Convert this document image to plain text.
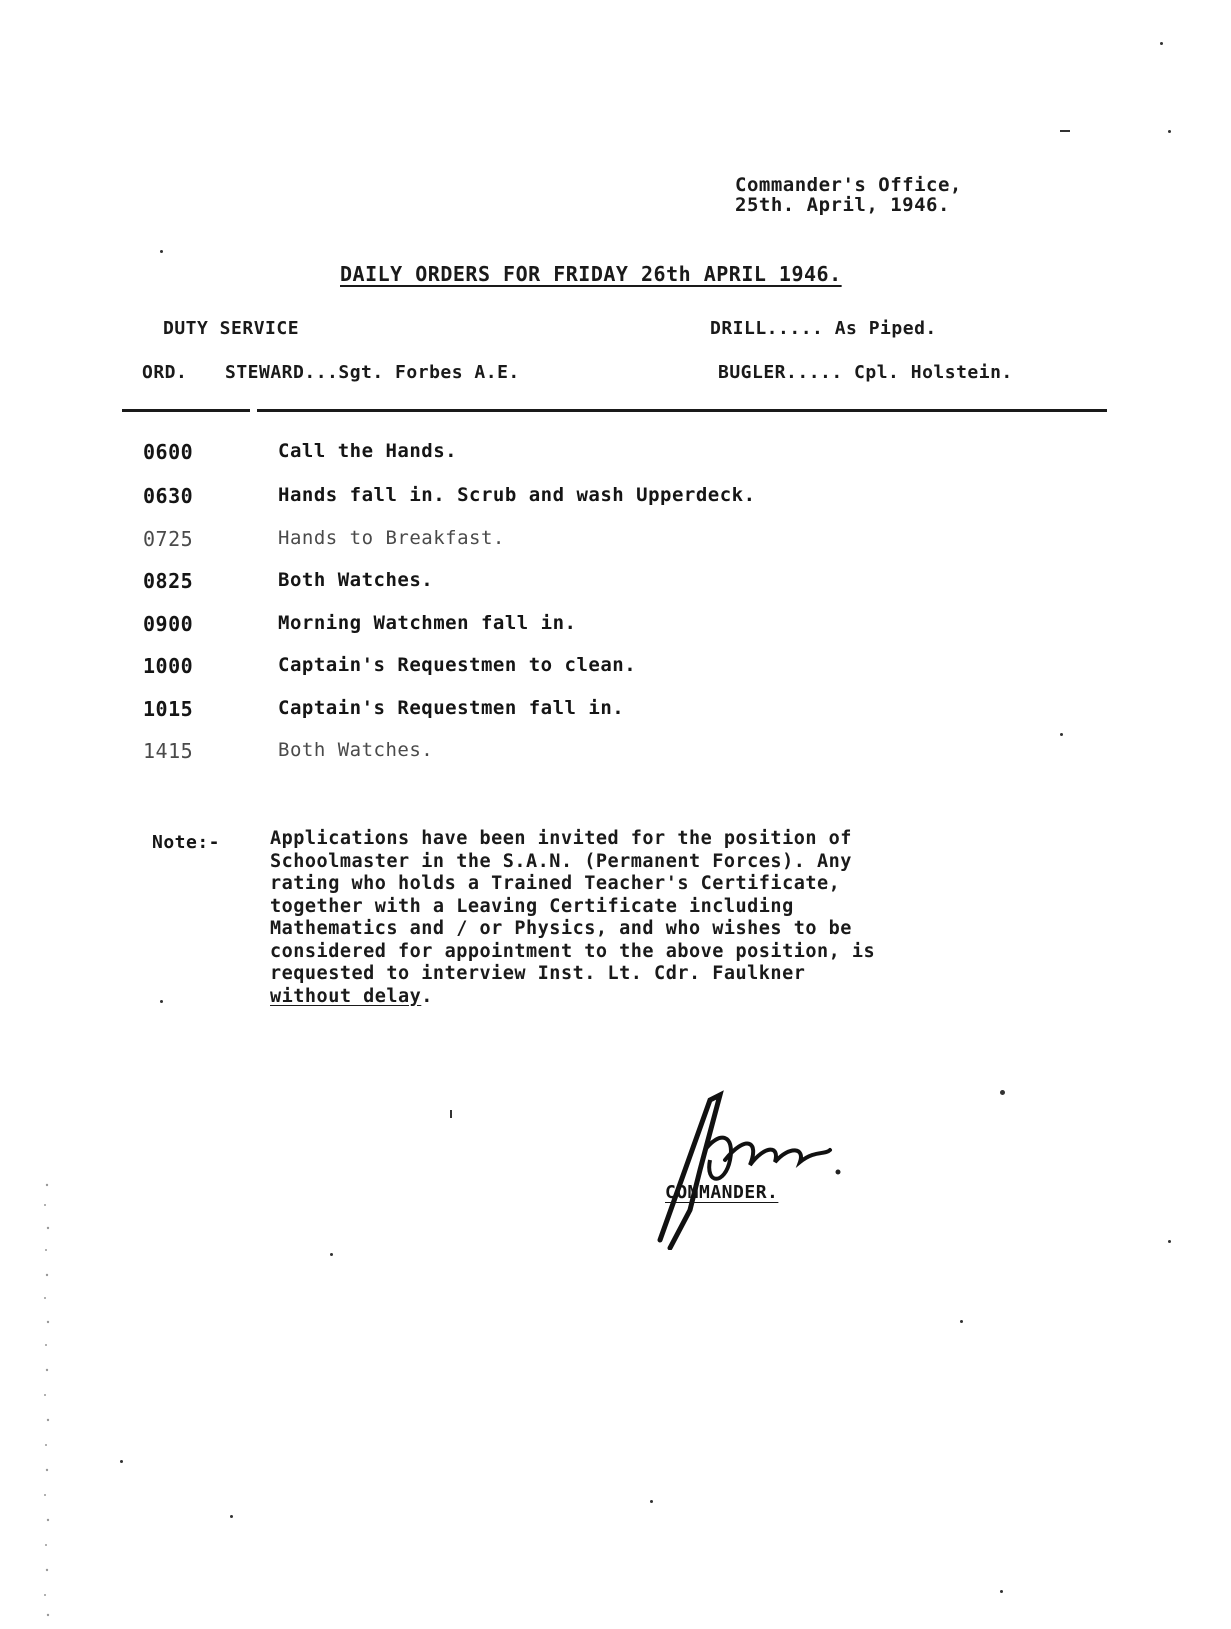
Commander's Office,
25th. April, 1946.
DAILY ORDERS FOR FRIDAY 26th APRIL 1946.
DUTY SERVICE
ORD. STEWARD...Sgt. Forbes A.E.
DRILL..... As Piped.
BUGLER..... Cpl. Holstein.
0600	Call the Hands.
0630	Hands fall in. Scrub and wash Upperdeck.
0725	Hands to Breakfast.
0825	Both Watches.
0900	Morning Watchmen fall in.
1000	Captain's Requestmen to clean.
1015	Captain's Requestmen fall in.
1415	Both Watches.
Note:-	Applications have been invited for the position of
Schoolmaster in the S.A.N. (Permanent Forces). Any
rating who holds a Trained Teacher's Certificate,
together with a Leaving Certificate including
Mathematics and / or Physics, and who wishes to be
considered for appointment to the above position, is
requested to interview Inst. Lt. Cdr. Faulkner
without delay.
COMMANDER.
